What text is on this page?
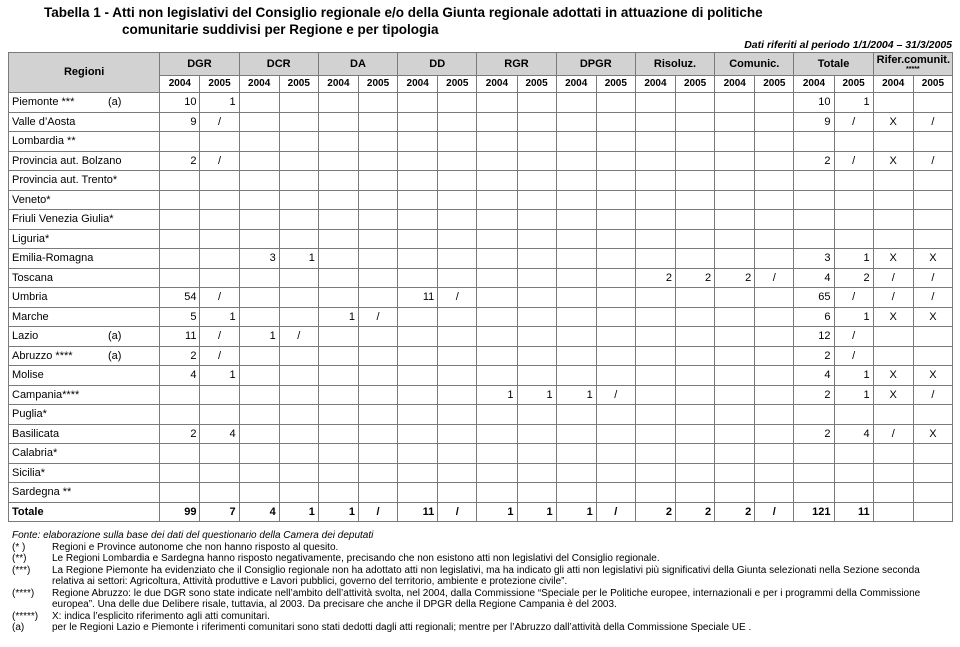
Tabella 1 - Atti non legislativi del Consiglio regionale e/o della Giunta regionale adottati in attuazione di politiche
comunitarie suddivisi per Regione e per tipologia
Dati riferiti al periodo 1/1/2004 – 31/3/2005
Regioni	DGR		DCR		DA		DD		RGR		DPGR		Risoluz.		Comunic.		Totale		Rifer.comunit.
*****	

	2004	2005	2004	2005	2004	2005	2004	2005	2004	2005	2004	2005	2004	2005	2004	2005	2004	2005	2004	2005

Piemonte *** (a)	10	1															10	1		

Valle d’Aosta	9	/															9	/	X	/

Lombardia **																				

Provincia aut. Bolzano	2	/															2	/	X	/

Provincia aut. Trento*																				

Veneto*																				

Friuli Venezia Giulia*																				

Liguria*																				

Emilia-Romagna			3	1													3	1	X	X

Toscana													2	2	2	/	4	2	/	/

Umbria	54	/					11	/									65	/	/	/

Marche	5	1			1	/											6	1	X	X

Lazio (a)	11	/	1	/													12	/		

Abruzzo **** (a)	2	/															2	/		

Molise	4	1															4	1	X	X

Campania****									1	1	1	/					2	1	X	/

Puglia*																				

Basilicata	2	4															2	4	/	X

Calabria*																				

Sicilia*																				

Sardegna **																				

Totale	99	7	4	1	1	/	11	/	1	1	1	/	2	2	2	/	121	11		
Fonte: elaborazione sulla base dei dati del questionario della Camera dei deputati
(* )	Regioni e Province autonome che non hanno risposto al quesito.
(**)	Le Regioni Lombardia e Sardegna hanno risposto negativamente, precisando che non esistono atti non legislativi del Consiglio regionale.
(***)	La Regione Piemonte ha evidenziato che il Consiglio regionale non ha adottato atti non legislativi, ma ha indicato gli atti non legislativi più significativi della Giunta selezionati nella Sezione seconda relativa ai settori: Agricoltura, Attività produttive e Lavori pubblici, governo del territorio, ambiente e protezione civile”.
(****)	Regione Abruzzo: le due DGR sono state indicate nell’ambito dell’attività svolta, nel 2004, dalla Commissione “Speciale per le Politiche europee, internazionali e per i programmi della Commissione europea”. Una delle due Delibere risale, tuttavia, al 2003. Da precisare che anche il DPGR della Regione Campania è del 2003.
(*****)	X: indica l’esplicito riferimento agli atti comunitari.
(a)	per le Regioni Lazio e Piemonte i riferimenti comunitari sono stati dedotti dagli atti regionali; mentre per l’Abruzzo dall’attività della Commissione Speciale UE .
